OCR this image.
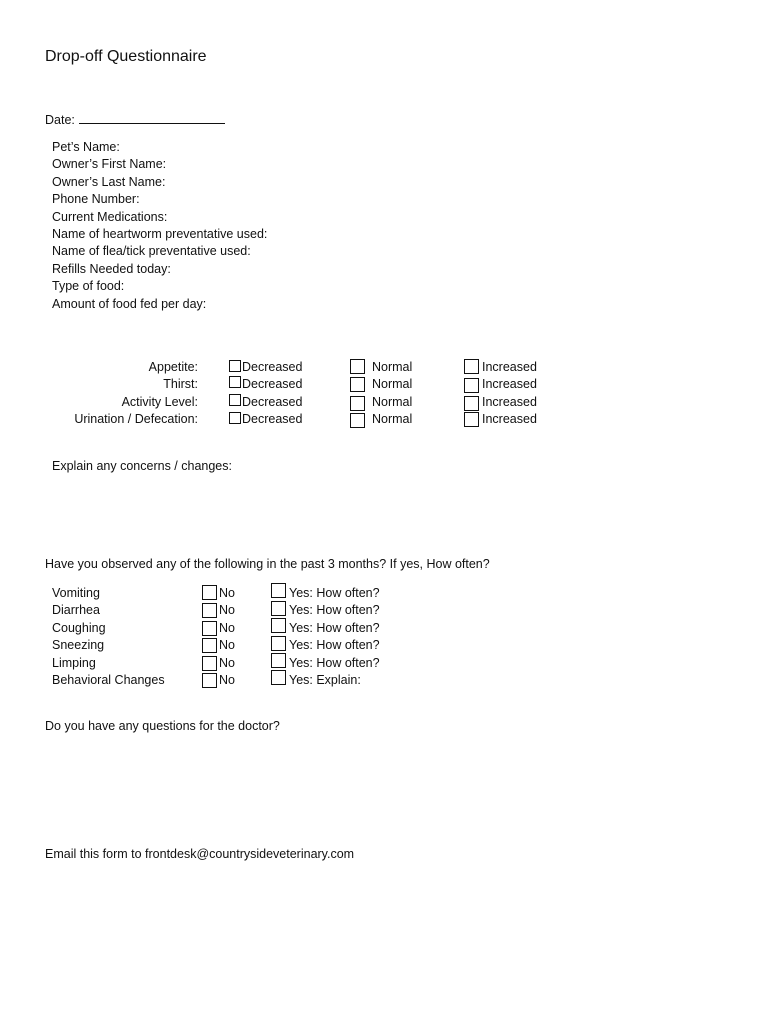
Drop-off Questionnaire
Date:
Pet’s Name:
Owner’s First Name:
Owner’s Last Name:
Phone Number:
Current Medications:
Name of heartworm preventative used:
Name of flea/tick preventative used:
Refills Needed today:
Type of food:
Amount of food fed per day:
Appetite:
Thirst:
Activity Level:
Urination / Defecation:
Decreased
Decreased
Decreased
Decreased
Normal
Normal
Normal
Normal
Increased
Increased
Increased
Increased
Explain any concerns / changes:
Have you observed any of the following in the past 3 months? If yes, How often?
Vomiting
Diarrhea
Coughing
Sneezing
Limping
Behavioral Changes
No
No
No
No
No
No
Yes: How often?
Yes: How often?
Yes: How often?
Yes: How often?
Yes: How often?
Yes: Explain:
Do you have any questions for the doctor?
Email this form to frontdesk@countrysideveterinary.com
